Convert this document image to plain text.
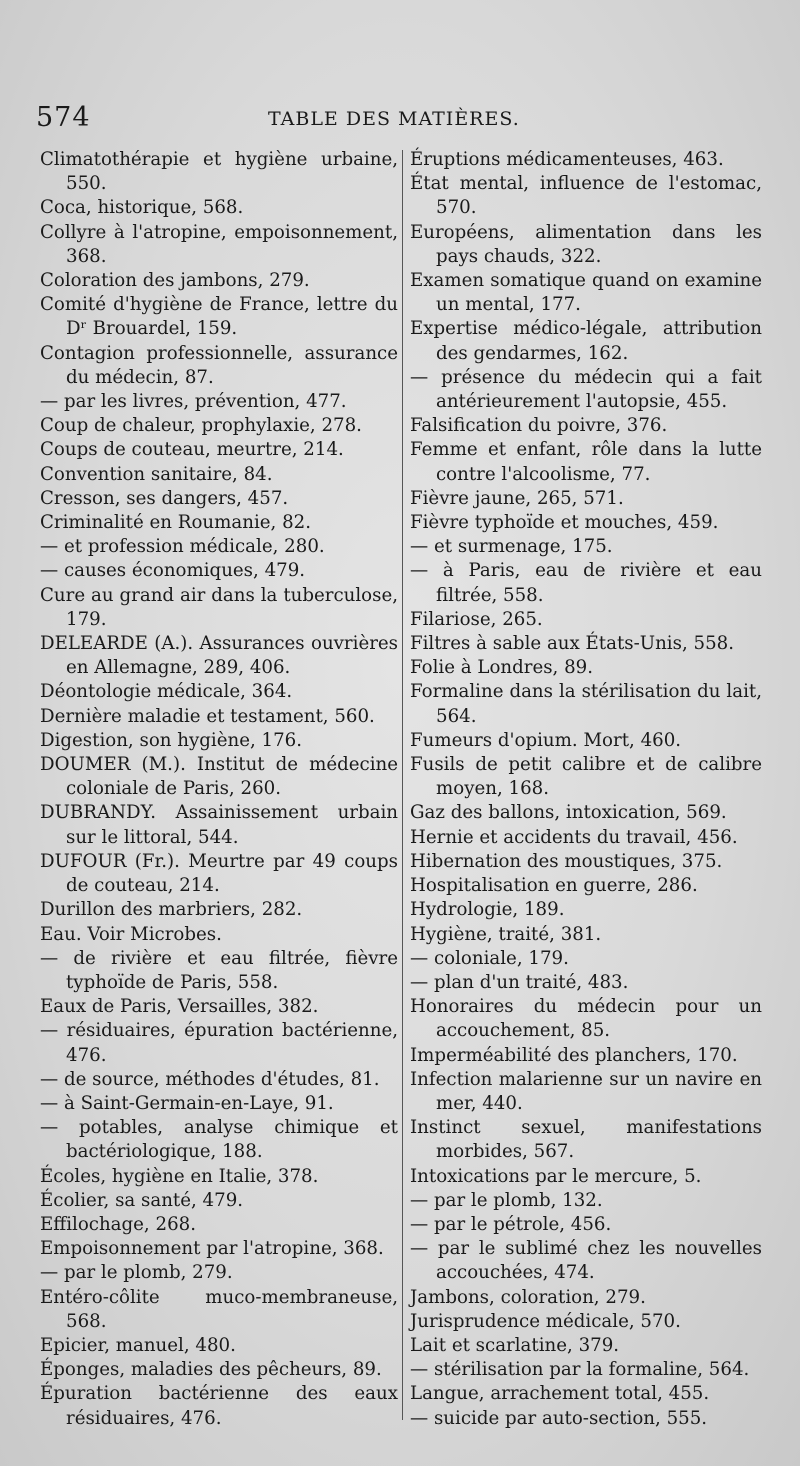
574	TABLE DES MATIÈRES.
Climatothérapie et hygiène urbaine, 550.
Coca, historique, 568.
Collyre à l'atropine, empoisonnement, 368.
Coloration des jambons, 279.
Comité d'hygiène de France, lettre du Dʳ Brouardel, 159.
Contagion professionnelle, assurance du médecin, 87.
— par les livres, prévention, 477.
Coup de chaleur, prophylaxie, 278.
Coups de couteau, meurtre, 214.
Convention sanitaire, 84.
Cresson, ses dangers, 457.
Criminalité en Roumanie, 82.
— et profession médicale, 280.
— causes économiques, 479.
Cure au grand air dans la tuberculose, 179.
DELEARDE (A.). Assurances ouvrières en Allemagne, 289, 406.
Déontologie médicale, 364.
Dernière maladie et testament, 560.
Digestion, son hygiène, 176.
DOUMER (M.). Institut de médecine coloniale de Paris, 260.
DUBRANDY. Assainissement urbain sur le littoral, 544.
DUFOUR (Fr.). Meurtre par 49 coups de couteau, 214.
Durillon des marbriers, 282.
Eau. Voir Microbes.
— de rivière et eau filtrée, fièvre typhoïde de Paris, 558.
Eaux de Paris, Versailles, 382.
— résiduaires, épuration bactérienne, 476.
— de source, méthodes d'études, 81.
— à Saint-Germain-en-Laye, 91.
— potables, analyse chimique et bactériologique, 188.
Écoles, hygiène en Italie, 378.
Écolier, sa santé, 479.
Effilochage, 268.
Empoisonnement par l'atropine, 368.
— par le plomb, 279.
Entéro-côlite muco-membraneuse, 568.
Epicier, manuel, 480.
Éponges, maladies des pêcheurs, 89.
Épuration bactérienne des eaux résiduaires, 476.
Éruptions médicamenteuses, 463.
État mental, influence de l'estomac, 570.
Européens, alimentation dans les pays chauds, 322.
Examen somatique quand on examine un mental, 177.
Expertise médico-légale, attribution des gendarmes, 162.
— présence du médecin qui a fait antérieurement l'autopsie, 455.
Falsification du poivre, 376.
Femme et enfant, rôle dans la lutte contre l'alcoolisme, 77.
Fièvre jaune, 265, 571.
Fièvre typhoïde et mouches, 459.
— et surmenage, 175.
— à Paris, eau de rivière et eau filtrée, 558.
Filariose, 265.
Filtres à sable aux États-Unis, 558.
Folie à Londres, 89.
Formaline dans la stérilisation du lait, 564.
Fumeurs d'opium. Mort, 460.
Fusils de petit calibre et de calibre moyen, 168.
Gaz des ballons, intoxication, 569.
Hernie et accidents du travail, 456.
Hibernation des moustiques, 375.
Hospitalisation en guerre, 286.
Hydrologie, 189.
Hygiène, traité, 381.
— coloniale, 179.
— plan d'un traité, 483.
Honoraires du médecin pour un accouchement, 85.
Imperméabilité des planchers, 170.
Infection malarienne sur un navire en mer, 440.
Instinct sexuel, manifestations morbides, 567.
Intoxications par le mercure, 5.
— par le plomb, 132.
— par le pétrole, 456.
— par le sublimé chez les nouvelles accouchées, 474.
Jambons, coloration, 279.
Jurisprudence médicale, 570.
Lait et scarlatine, 379.
— stérilisation par la formaline, 564.
Langue, arrachement total, 455.
— suicide par auto-section, 555.
